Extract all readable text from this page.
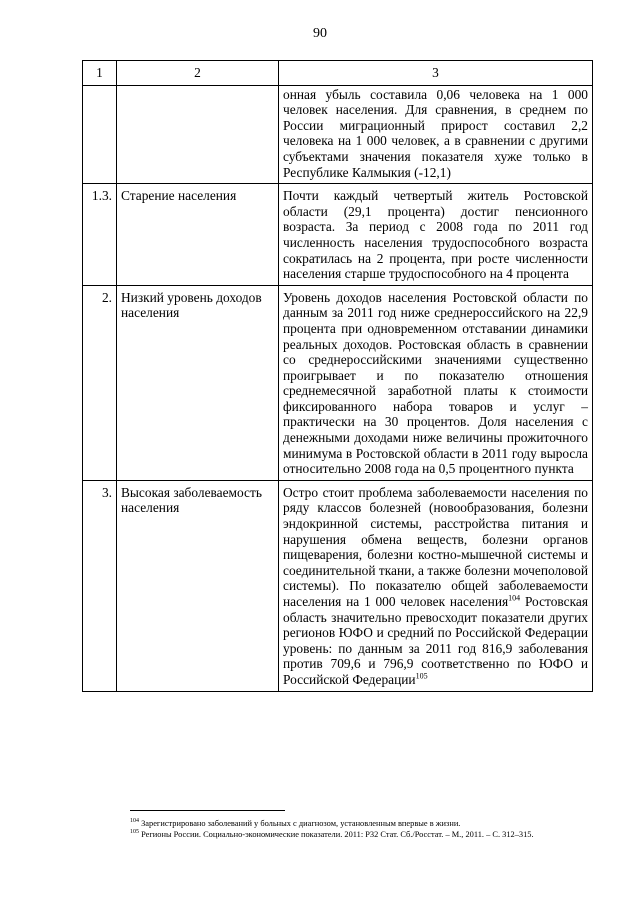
90
1	2	3
		онная убыль составила 0,06 человека на 1 000 человек населения. Для сравнения, в среднем по России миграционный прирост составил 2,2 человека на 1 000 человек, а в сравнении с другими субъектами значения показателя хуже только в Республике Калмыкия (-12,1)
1.3.	Старение населения	Почти каждый четвертый житель Ростовской области (29,1 процента) достиг пенсионного возраста. За период с 2008 года по 2011 год численность населения трудоспособного возраста сократилась на 2 процента, при росте численности населения старше трудоспособного на 4 процента
2.	Низкий уровень доходов населения	Уровень доходов населения Ростовской области по данным за 2011 год ниже среднероссийского на 22,9 процента при одновременном отставании динамики реальных доходов. Ростовская область в сравнении со среднероссийскими значениями существенно проигрывает и по показателю отношения среднемесячной заработной платы к стоимости фиксированного набора товаров и услуг – практически на 30 процентов. Доля населения с денежными доходами ниже величины прожиточного минимума в Ростовской области в 2011 году выросла относительно 2008 года на 0,5 процентного пункта
3.	Высокая заболеваемость населения	Остро стоит проблема заболеваемости населения по ряду классов болезней (новообразования, болезни эндокринной системы, расстройства питания и нарушения обмена веществ, болезни органов пищеварения, болезни костно-мышечной системы и соединительной ткани, а также болезни мочеполовой системы). По показателю общей заболеваемости населения на 1 000 человек населения$^{104}$ Ростовская область значительно превосходит показатели других регионов ЮФО и средний по Российской Федерации уровень: по данным за 2011 год 816,9 заболевания против 709,6 и 796,9 соответственно по ЮФО и Российской Федерации$^{105}$
$^{104}$ Зарегистрировано заболеваний у больных с диагнозом, установленным впервые в жизни.
$^{105}$ Регионы России. Социально-экономические показатели. 2011: Р32 Стат. Сб./Росстат. – М., 2011. – С. 312–315.
